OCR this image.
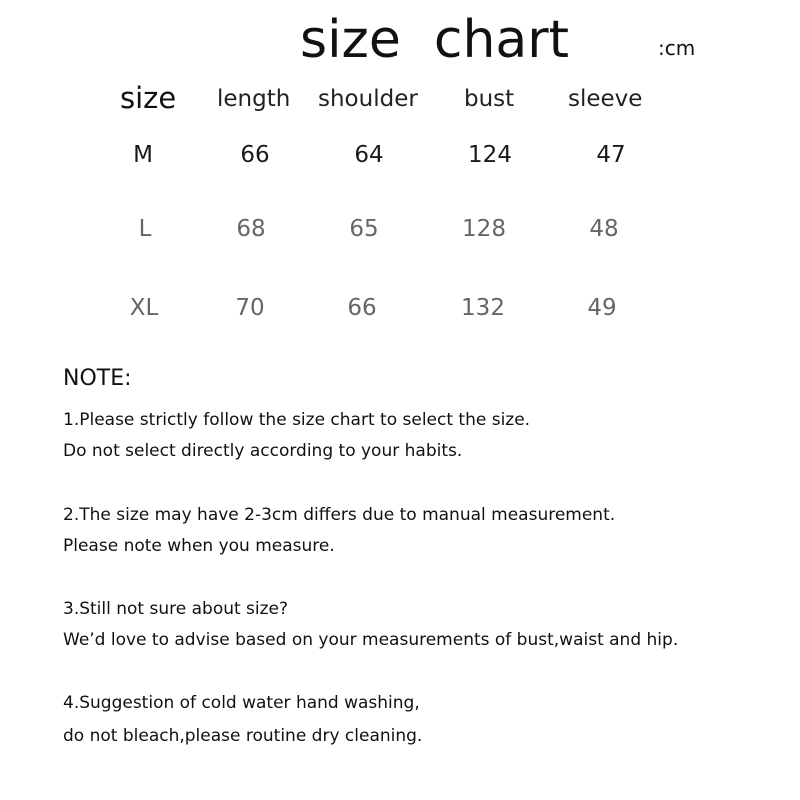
size  chart	:cm
size length shoulder bust sleeve
M	66	64	124	47
L	68	65	128	48
XL	70	66	132	49
NOTE:
1.Please strictly follow the size chart to select the size.
Do not select directly according to your habits.
2.The size may have 2-3cm differs due to manual measurement.
Please note when you measure.
3.Still not sure about size?
We’d love to advise based on your measurements of bust,waist and hip.
4.Suggestion of cold water hand washing,
do not bleach,please routine dry cleaning.
